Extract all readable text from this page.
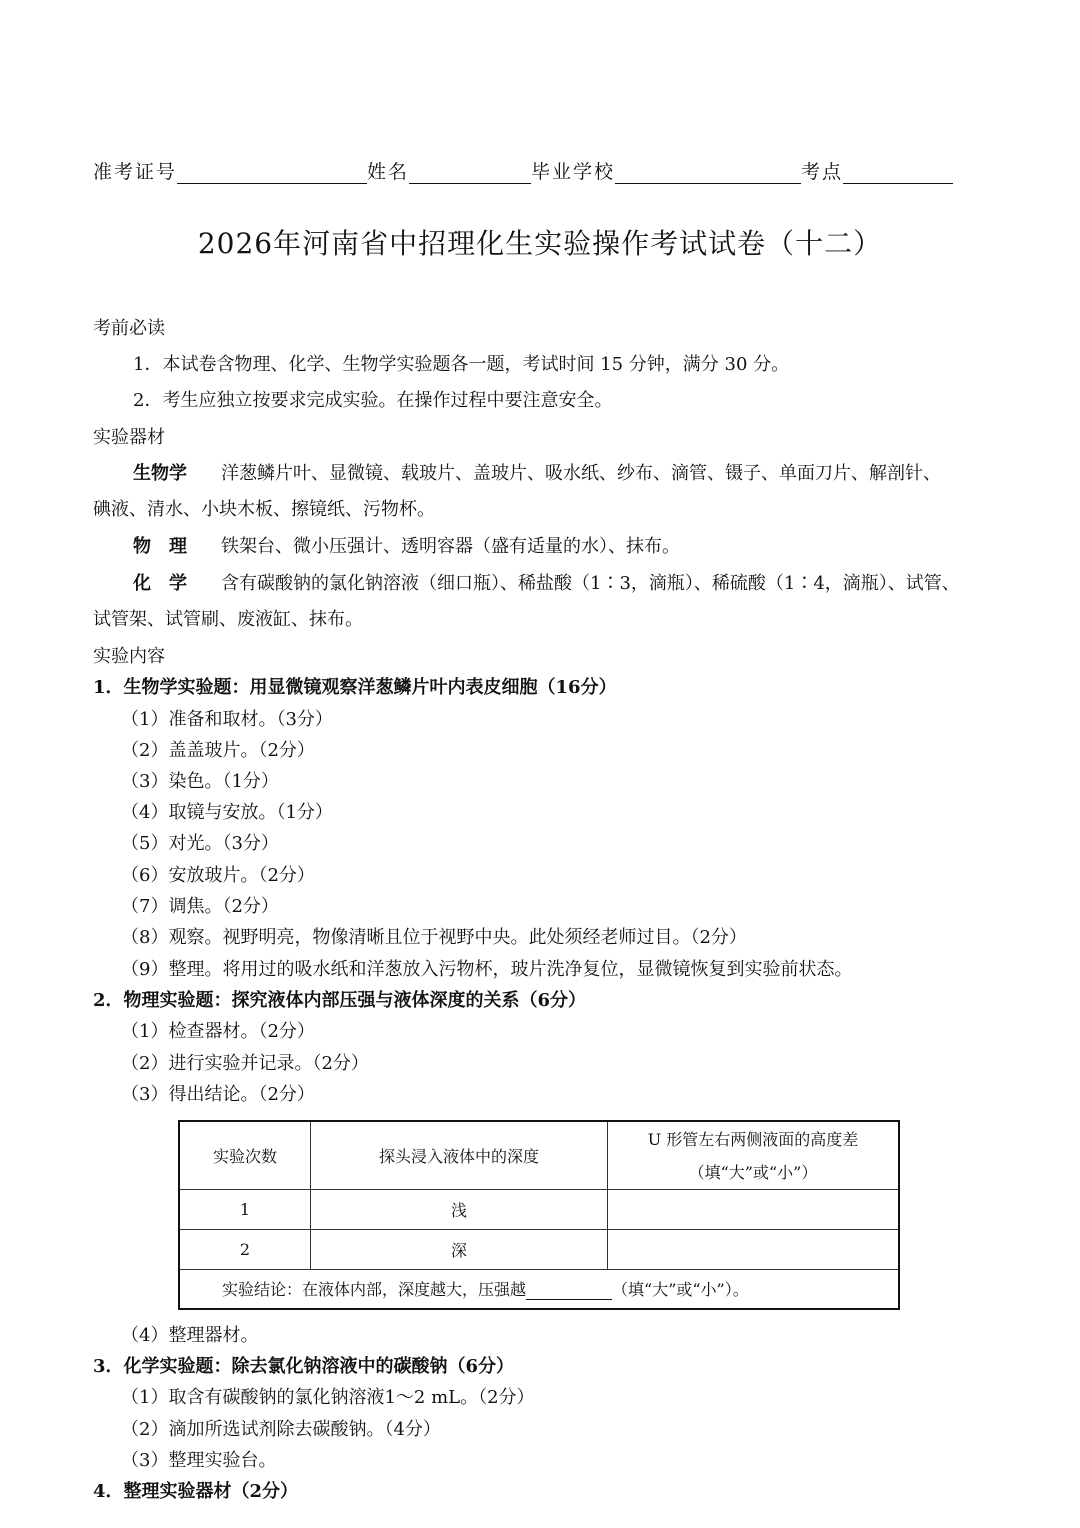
准考证号	姓名	毕业学校	考点
2026年河南省中招理化生实验操作考试试卷（十二）
考前必读
1．本试卷含物理、化学、生物学实验题各一题，考试时间 15 分钟，满分 30 分。
2．考生应独立按要求完成实验。在操作过程中要注意安全。
实验器材
生物学 洋葱鳞片叶、显微镜、载玻片、盖玻片、吸水纸、纱布、滴管、镊子、单面刀片、解剖针、
碘液、清水、小块木板、擦镜纸、污物杯。
物　理 铁架台、微小压强计、透明容器（盛有适量的水）、抹布。
化　学 含有碳酸钠的氯化钠溶液（细口瓶）、稀盐酸（1∶3，滴瓶）、稀硫酸（1∶4，滴瓶）、试管、
试管架、试管刷、废液缸、抹布。
实验内容
1．生物学实验题：用显微镜观察洋葱鳞片叶内表皮细胞（16分）
（1）准备和取材。（3分）
（2）盖盖玻片。（2分）
（3）染色。（1分）
（4）取镜与安放。（1分）
（5）对光。（3分）
（6）安放玻片。（2分）
（7）调焦。（2分）
（8）观察。视野明亮，物像清晰且位于视野中央。此处须经老师过目。（2分）
（9）整理。将用过的吸水纸和洋葱放入污物杯，玻片洗净复位，显微镜恢复到实验前状态。
2．物理实验题：探究液体内部压强与液体深度的关系（6分）
（1）检查器材。（2分）
（2）进行实验并记录。（2分）
（3）得出结论。（2分）
实验次数	探头浸入液体中的深度	U 形管左右两侧液面的高度差
（填“大”或“小”）

1	浅	
2	深	
实验结论：在液体内部，深度越大，压强越 （填“大”或“小”）。		
（4）整理器材。
3．化学实验题：除去氯化钠溶液中的碳酸钠（6分）
（1）取含有碳酸钠的氯化钠溶液1～2 mL。（2分）
（2）滴加所选试剂除去碳酸钠。（4分）
（3）整理实验台。
4．整理实验器材（2分）
